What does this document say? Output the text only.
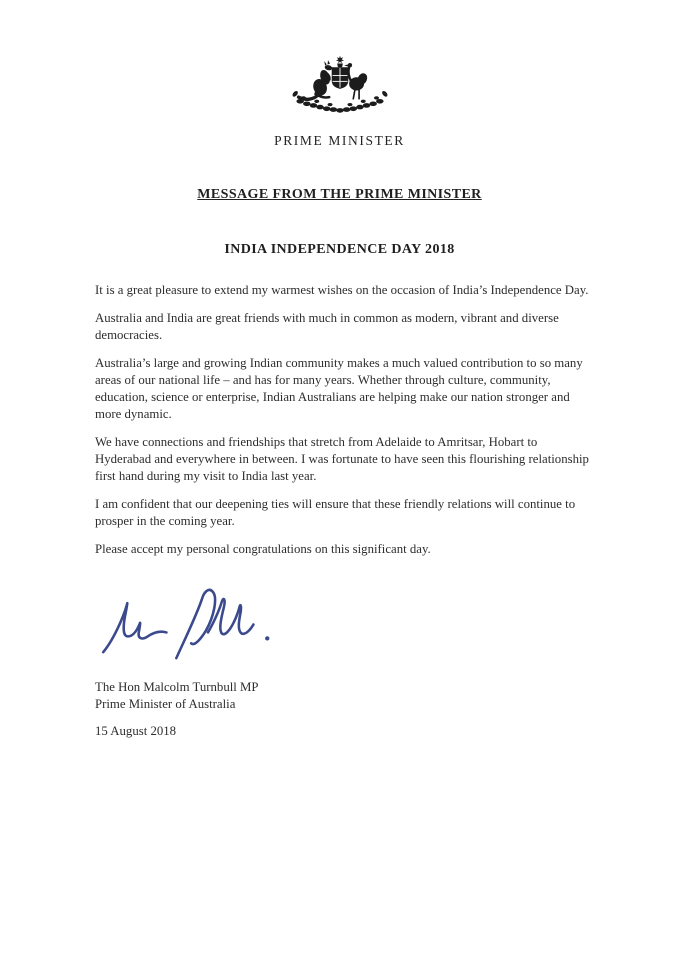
PRIME MINISTER
MESSAGE FROM THE PRIME MINISTER
INDIA INDEPENDENCE DAY 2018

It is a great pleasure to extend my warmest wishes on the occasion of India’s Independence Day.

Australia and India are great friends with much in common as modern, vibrant and diverse democracies.

Australia’s large and growing Indian community makes a much valued contribution to so many areas of our national life – and has for many years. Whether through culture, community, education, science or enterprise, Indian Australians are helping make our nation stronger and more dynamic.

We have connections and friendships that stretch from Adelaide to Amritsar, Hobart to Hyderabad and everywhere in between. I was fortunate to have seen this flourishing relationship first hand during my visit to India last year.

I am confident that our deepening ties will ensure that these friendly relations will continue to prosper in the coming year.

Please accept my personal congratulations on this significant day.

The Hon Malcolm Turnbull MP
Prime Minister of Australia
15 August 2018
